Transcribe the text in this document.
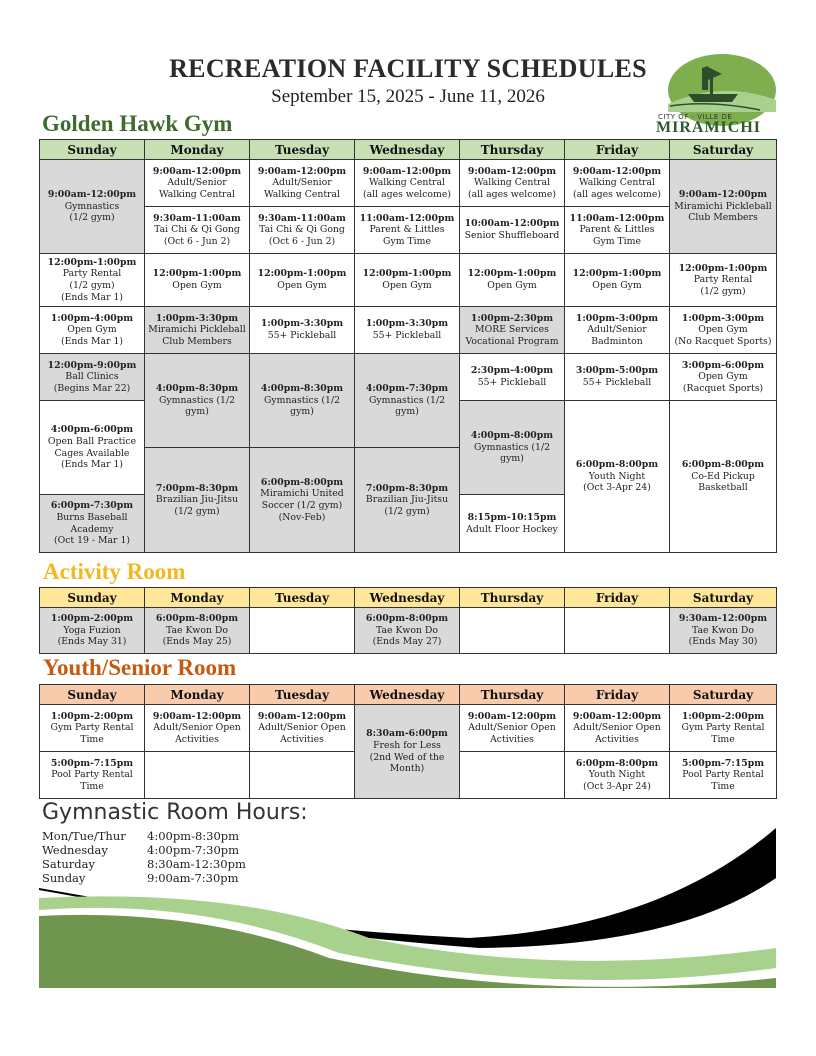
RECREATION FACILITY SCHEDULES
September 15, 2025 - June 11, 2026
CITY OF - VILLE DE
MIRAMICHI
Golden Hawk Gym
Sunday	Monday	Tuesday	Wednesday	Thursday	Friday	Saturday

9:00am-12:00pm
Gymnastics
(1/2 gym)	9:00am-12:00pm
Adult/Senior
Walking Central	9:00am-12:00pm
Adult/Senior
Walking Central	9:00am-12:00pm
Walking Central
(all ages welcome)	9:00am-12:00pm
Walking Central
(all ages welcome)	9:00am-12:00pm
Walking Central
(all ages welcome)	9:00am-12:00pm
Miramichi Pickleball
Club Members

	9:30am-11:00am
Tai Chi & Qi Gong
(Oct 6 - Jun 2)	9:30am-11:00am
Tai Chi & Qi Gong
(Oct 6 - Jun 2)	11:00am-12:00pm
Parent & Littles
Gym Time	10:00am-12:00pm
Senior Shuffleboard	11:00am-12:00pm
Parent & Littles
Gym Time	

12:00pm-1:00pm
Party Rental
(1/2 gym)
(Ends Mar 1)	12:00pm-1:00pm
Open Gym	12:00pm-1:00pm
Open Gym	12:00pm-1:00pm
Open Gym	12:00pm-1:00pm
Open Gym	12:00pm-1:00pm
Open Gym	12:00pm-1:00pm
Party Rental
(1/2 gym)

1:00pm-4:00pm
Open Gym
(Ends Mar 1)	1:00pm-3:30pm
Miramichi Pickleball
Club Members	1:00pm-3:30pm
55+ Pickleball	1:00pm-3:30pm
55+ Pickleball	1:00pm-2:30pm
MORE Services
Vocational Program	1:00pm-3:00pm
Adult/Senior
Badminton	1:00pm-3:00pm
Open Gym
(No Racquet Sports)

12:00pm-9:00pm
Ball Clinics
(Begins Mar 22)	4:00pm-8:30pm
Gymnastics (1/2 gym)	4:00pm-8:30pm
Gymnastics (1/2 gym)	4:00pm-7:30pm
Gymnastics (1/2 gym)	2:30pm-4:00pm
55+ Pickleball	3:00pm-5:00pm
55+ Pickleball	3:00pm-6:00pm
Open Gym
(Racquet Sports)

4:00pm-6:00pm
Open Ball Practice
Cages Available
(Ends Mar 1)				4:00pm-8:00pm
Gymnastics (1/2 gym)	6:00pm-8:00pm
Youth Night
(Oct 3-Apr 24)	6:00pm-8:00pm
Co-Ed Pickup
Basketball

	7:00pm-8:30pm
Brazilian Jiu-Jitsu
(1/2 gym)	6:00pm-8:00pm
Miramichi United
Soccer (1/2 gym)
(Nov-Feb)	7:00pm-8:30pm
Brazilian Jiu-Jitsu
(1/2 gym)			

6:00pm-7:30pm
Burns Baseball
Academy
(Oct 19 - Mar 1)				8:15pm-10:15pm
Adult Floor Hockey		
Activity Room
Sunday	Monday	Tuesday	Wednesday	Thursday	Friday	Saturday

1:00pm-2:00pm
Yoga Fuzion
(Ends May 31)	6:00pm-8:00pm
Tae Kwon Do
(Ends May 25)		6:00pm-8:00pm
Tae Kwon Do
(Ends May 27)			9:30am-12:00pm
Tae Kwon Do
(Ends May 30)
Youth/Senior Room
Sunday	Monday	Tuesday	Wednesday	Thursday	Friday	Saturday

1:00pm-2:00pm
Gym Party Rental
Time	9:00am-12:00pm
Adult/Senior Open
Activities	9:00am-12:00pm
Adult/Senior Open
Activities	8:30am-6:00pm
Fresh for Less
(2nd Wed of the Month)	9:00am-12:00pm
Adult/Senior Open
Activities	9:00am-12:00pm
Adult/Senior Open
Activities	1:00pm-2:00pm
Gym Party Rental
Time

5:00pm-7:15pm
Pool Party Rental
Time					6:00pm-8:00pm
Youth Night
(Oct 3-Apr 24)	5:00pm-7:15pm
Pool Party Rental
Time
Gymnastic Room Hours:
Mon/Tue/Thur	4:00pm-8:30pm
Wednesday	4:00pm-7:30pm
Saturday	8:30am-12:30pm
Sunday	9:00am-7:30pm
